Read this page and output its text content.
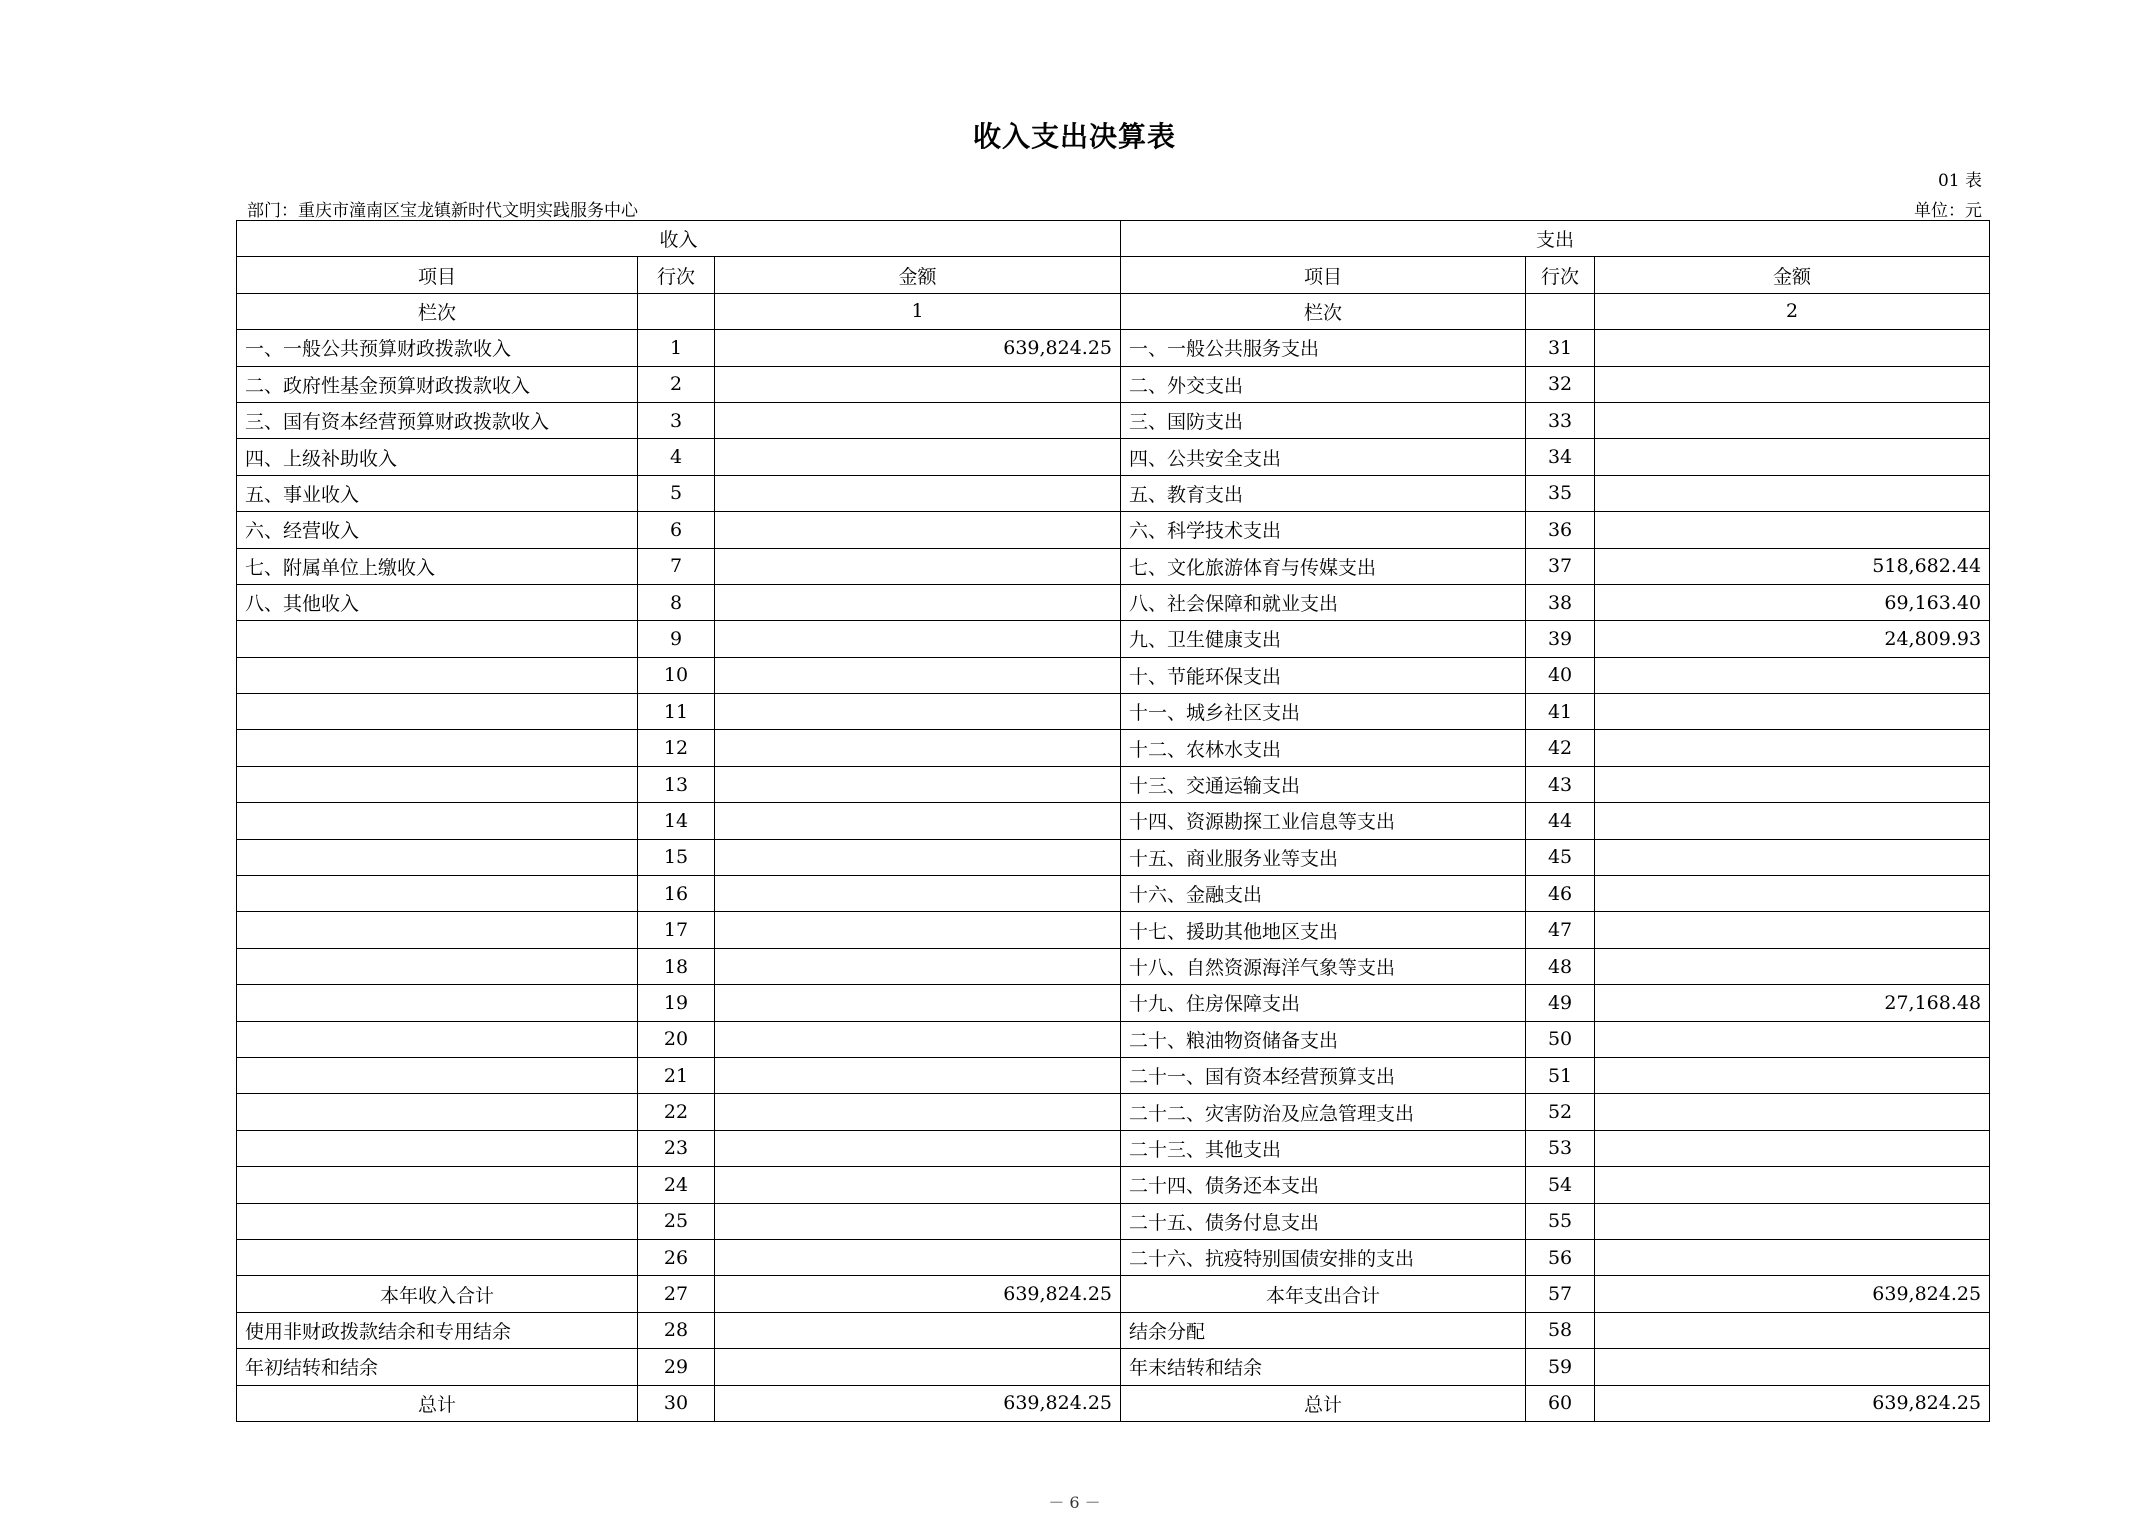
收入支出决算表
01 表
部门：重庆市潼南区宝龙镇新时代文明实践服务中心	单位：元
收入			支出		
项目	行次	金额	项目	行次	金额
栏次		1	栏次		2
一、一般公共预算财政拨款收入	1	639,824.25	一、一般公共服务支出	31	
二、政府性基金预算财政拨款收入	2		二、外交支出	32	
三、国有资本经营预算财政拨款收入	3		三、国防支出	33	
四、上级补助收入	4		四、公共安全支出	34	
五、事业收入	5		五、教育支出	35	
六、经营收入	6		六、科学技术支出	36	
七、附属单位上缴收入	7		七、文化旅游体育与传媒支出	37	518,682.44
八、其他收入	8		八、社会保障和就业支出	38	69,163.40
	9		九、卫生健康支出	39	24,809.93
	10		十、节能环保支出	40	
	11		十一、城乡社区支出	41	
	12		十二、农林水支出	42	
	13		十三、交通运输支出	43	
	14		十四、资源勘探工业信息等支出	44	
	15		十五、商业服务业等支出	45	
	16		十六、金融支出	46	
	17		十七、援助其他地区支出	47	
	18		十八、自然资源海洋气象等支出	48	
	19		十九、住房保障支出	49	27,168.48
	20		二十、粮油物资储备支出	50	
	21		二十一、国有资本经营预算支出	51	
	22		二十二、灾害防治及应急管理支出	52	
	23		二十三、其他支出	53	
	24		二十四、债务还本支出	54	
	25		二十五、债务付息支出	55	
	26		二十六、抗疫特别国债安排的支出	56	
本年收入合计	27	639,824.25	本年支出合计	57	639,824.25
使用非财政拨款结余和专用结余	28		结余分配	58	
年初结转和结余	29		年末结转和结余	59	
总计	30	639,824.25	总计	60	639,824.25
－ 6 －
